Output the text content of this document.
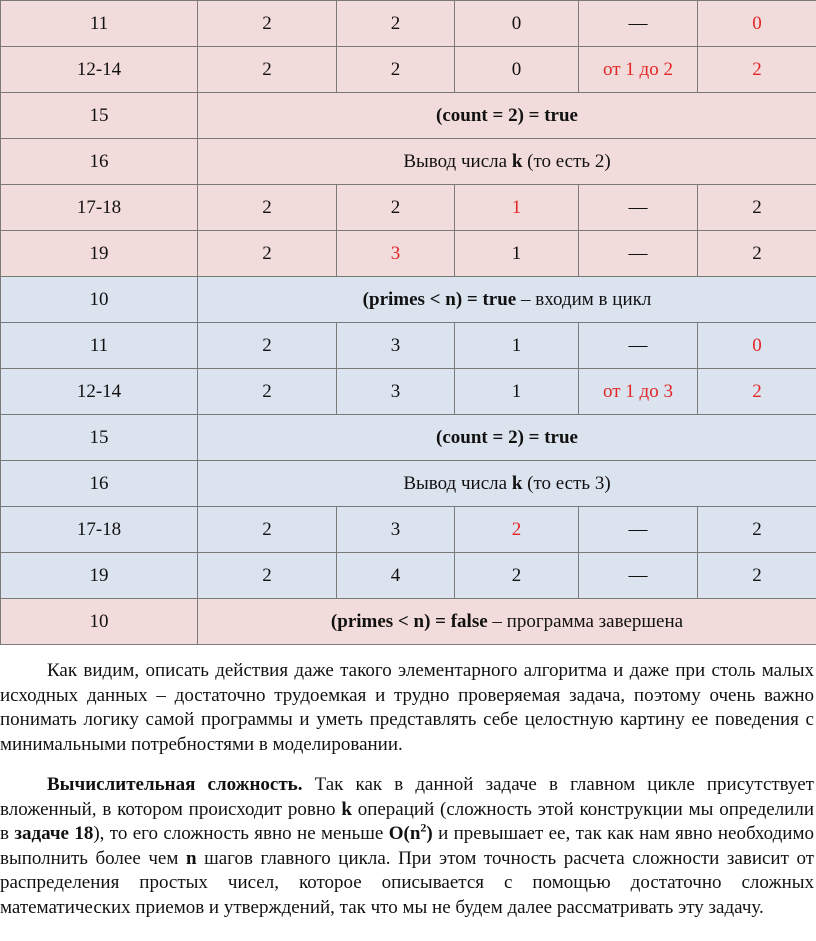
11	2	2	0	—	0
12-14	2	2	0	от 1 до 2	2
15	(count = 2) = true				
16	Вывод числа k (то есть 2)				
17-18	2	2	1	—	2
19	2	3	1	—	2
10	(primes < n) = true – входим в цикл				
11	2	3	1	—	0
12-14	2	3	1	от 1 до 3	2
15	(count = 2) = true				
16	Вывод числа k (то есть 3)				
17-18	2	3	2	—	2
19	2	4	2	—	2
10	(primes < n) = false – программа завершена				

Как видим, описать действия даже такого элементарного алгоритма и даже при столь малых исходных данных – достаточно трудоемкая и трудно проверяемая задача, поэтому очень важно понимать логику самой программы и уметь представлять себе целостную картину ее поведения с минимальными потребностями в моделировании.

Вычислительная сложность. Так как в данной задаче в главном цикле присутствует вложенный, в котором происходит ровно k операций (сложность этой конструкции мы определили в задаче 18), то его сложность явно не меньше $O(n^2)$ и превышает ее, так как нам явно необходимо выполнить более чем n шагов главного цикла. При этом точность расчета сложности зависит от распределения простых чисел, которое описывается с помощью достаточно сложных математических приемов и утверждений, так что мы не будем далее рассматривать эту задачу.
